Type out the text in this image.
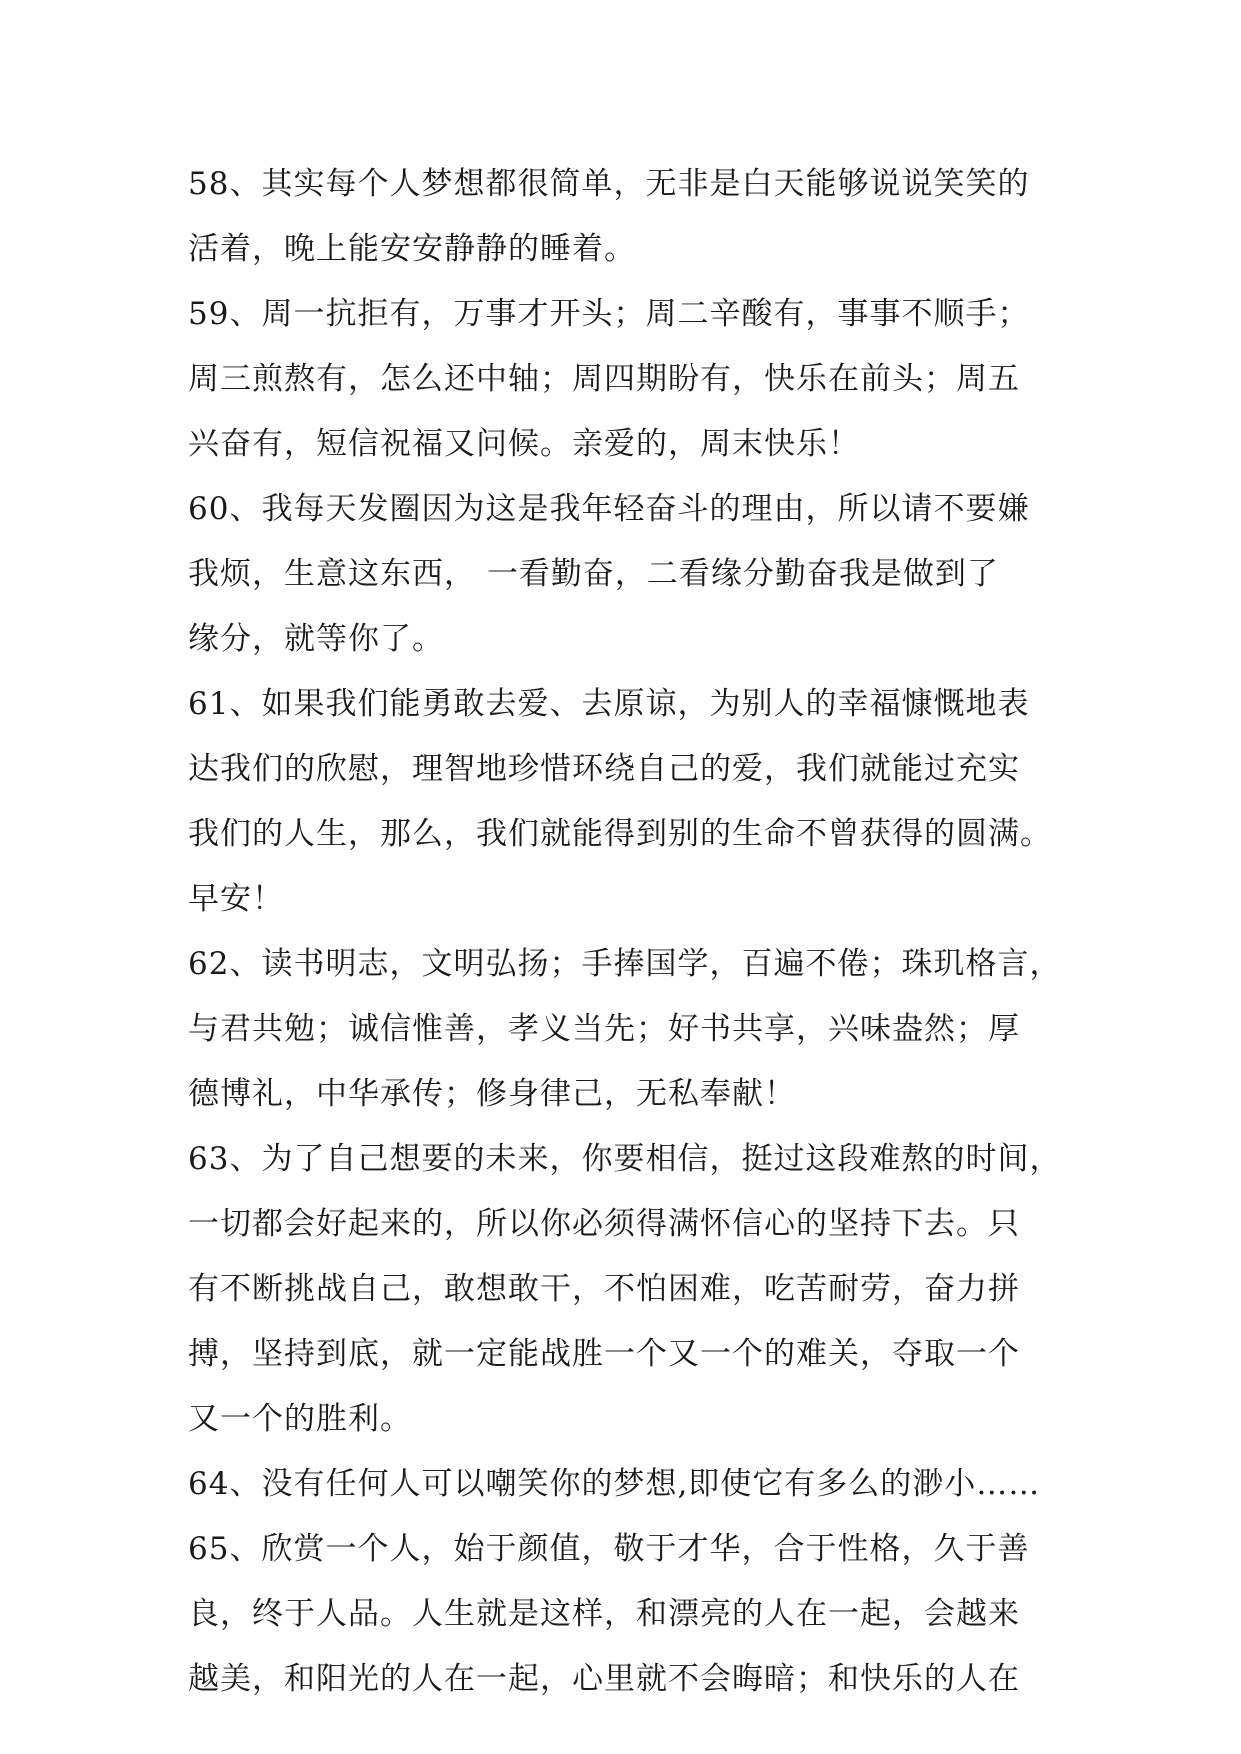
58、其实每个人梦想都很简单，无非是白天能够说说笑笑的
活着，晚上能安安静静的睡着。
59、周一抗拒有，万事才开头；周二辛酸有，事事不顺手；
周三煎熬有，怎么还中轴；周四期盼有，快乐在前头；周五
兴奋有，短信祝福又问候。亲爱的，周末快乐！
60、我每天发圈因为这是我年轻奋斗的理由，所以请不要嫌
我烦，生意这东西， 一看勤奋，二看缘分勤奋我是做到了
缘分，就等你了。
61、如果我们能勇敢去爱、去原谅，为别人的幸福慷慨地表
达我们的欣慰，理智地珍惜环绕自己的爱，我们就能过充实
我们的人生，那么，我们就能得到别的生命不曾获得的圆满。
早安！
62、读书明志，文明弘扬；手捧国学，百遍不倦；珠玑格言，
与君共勉；诚信惟善，孝义当先；好书共享，兴味盎然；厚
德博礼，中华承传；修身律己，无私奉献！
63、为了自己想要的未来，你要相信，挺过这段难熬的时间，
一切都会好起来的，所以你必须得满怀信心的坚持下去。只
有不断挑战自己，敢想敢干，不怕困难，吃苦耐劳，奋力拼
搏，坚持到底，就一定能战胜一个又一个的难关，夺取一个
又一个的胜利。
64、没有任何人可以嘲笑你的梦想,即使它有多么的渺小……
65、欣赏一个人，始于颜值，敬于才华，合于性格，久于善
良，终于人品。人生就是这样，和漂亮的人在一起，会越来
越美，和阳光的人在一起，心里就不会晦暗；和快乐的人在
